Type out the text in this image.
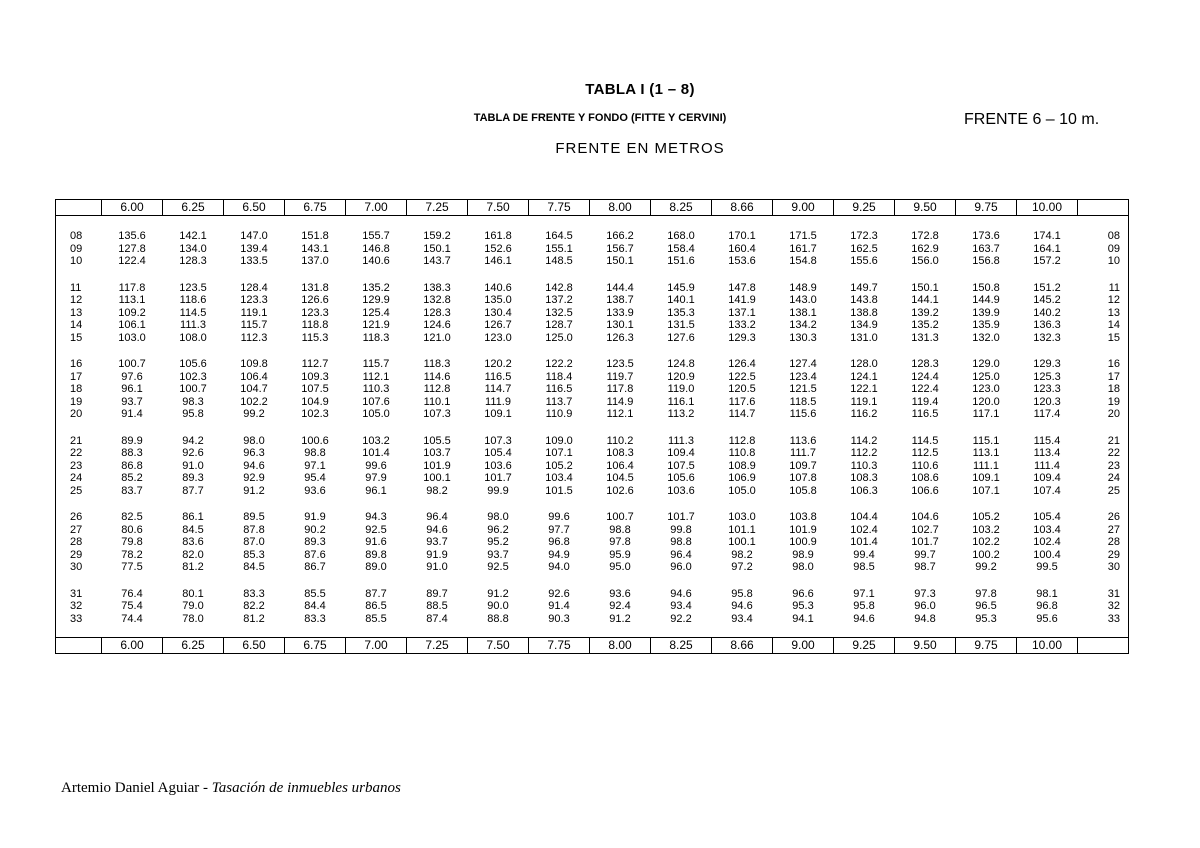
TABLA I (1 – 8)
TABLA DE FRENTE Y FONDO (FITTE Y CERVINI)
FRENTE EN METROS
FRENTE 6 – 10 m.
	6.00	6.25	6.50	6.75	7.00	7.25	7.50	7.75	8.00	8.25	8.66	9.00	9.25	9.50	9.75	10.00	

08	135.6	142.1	147.0	151.8	155.7	159.2	161.8	164.5	166.2	168.0	170.1	171.5	172.3	172.8	173.6	174.1	08
09	127.8	134.0	139.4	143.1	146.8	150.1	152.6	155.1	156.7	158.4	160.4	161.7	162.5	162.9	163.7	164.1	09
10	122.4	128.3	133.5	137.0	140.6	143.7	146.1	148.5	150.1	151.6	153.6	154.8	155.6	156.0	156.8	157.2	10

11	117.8	123.5	128.4	131.8	135.2	138.3	140.6	142.8	144.4	145.9	147.8	148.9	149.7	150.1	150.8	151.2	11
12	113.1	118.6	123.3	126.6	129.9	132.8	135.0	137.2	138.7	140.1	141.9	143.0	143.8	144.1	144.9	145.2	12
13	109.2	114.5	119.1	123.3	125.4	128.3	130.4	132.5	133.9	135.3	137.1	138.1	138.8	139.2	139.9	140.2	13
14	106.1	111.3	115.7	118.8	121.9	124.6	126.7	128.7	130.1	131.5	133.2	134.2	134.9	135.2	135.9	136.3	14
15	103.0	108.0	112.3	115.3	118.3	121.0	123.0	125.0	126.3	127.6	129.3	130.3	131.0	131.3	132.0	132.3	15

16	100.7	105.6	109.8	112.7	115.7	118.3	120.2	122.2	123.5	124.8	126.4	127.4	128.0	128.3	129.0	129.3	16
17	97.6	102.3	106.4	109.3	112.1	114.6	116.5	118.4	119.7	120.9	122.5	123.4	124.1	124.4	125.0	125.3	17
18	96.1	100.7	104.7	107.5	110.3	112.8	114.7	116.5	117.8	119.0	120.5	121.5	122.1	122.4	123.0	123.3	18
19	93.7	98.3	102.2	104.9	107.6	110.1	111.9	113.7	114.9	116.1	117.6	118.5	119.1	119.4	120.0	120.3	19
20	91.4	95.8	99.2	102.3	105.0	107.3	109.1	110.9	112.1	113.2	114.7	115.6	116.2	116.5	117.1	117.4	20

21	89.9	94.2	98.0	100.6	103.2	105.5	107.3	109.0	110.2	111.3	112.8	113.6	114.2	114.5	115.1	115.4	21
22	88.3	92.6	96.3	98.8	101.4	103.7	105.4	107.1	108.3	109.4	110.8	111.7	112.2	112.5	113.1	113.4	22
23	86.8	91.0	94.6	97.1	99.6	101.9	103.6	105.2	106.4	107.5	108.9	109.7	110.3	110.6	111.1	111.4	23
24	85.2	89.3	92.9	95.4	97.9	100.1	101.7	103.4	104.5	105.6	106.9	107.8	108.3	108.6	109.1	109.4	24
25	83.7	87.7	91.2	93.6	96.1	98.2	99.9	101.5	102.6	103.6	105.0	105.8	106.3	106.6	107.1	107.4	25

26	82.5	86.1	89.5	91.9	94.3	96.4	98.0	99.6	100.7	101.7	103.0	103.8	104.4	104.6	105.2	105.4	26
27	80.6	84.5	87.8	90.2	92.5	94.6	96.2	97.7	98.8	99.8	101.1	101.9	102.4	102.7	103.2	103.4	27
28	79.8	83.6	87.0	89.3	91.6	93.7	95.2	96.8	97.8	98.8	100.1	100.9	101.4	101.7	102.2	102.4	28
29	78.2	82.0	85.3	87.6	89.8	91.9	93.7	94.9	95.9	96.4	98.2	98.9	99.4	99.7	100.2	100.4	29
30	77.5	81.2	84.5	86.7	89.0	91.0	92.5	94.0	95.0	96.0	97.2	98.0	98.5	98.7	99.2	99.5	30

31	76.4	80.1	83.3	85.5	87.7	89.7	91.2	92.6	93.6	94.6	95.8	96.6	97.1	97.3	97.8	98.1	31
32	75.4	79.0	82.2	84.4	86.5	88.5	90.0	91.4	92.4	93.4	94.6	95.3	95.8	96.0	96.5	96.8	32
33	74.4	78.0	81.2	83.3	85.5	87.4	88.8	90.3	91.2	92.2	93.4	94.1	94.6	94.8	95.3	95.6	33

	6.00	6.25	6.50	6.75	7.00	7.25	7.50	7.75	8.00	8.25	8.66	9.00	9.25	9.50	9.75	10.00	
Artemio Daniel Aguiar - Tasación de inmuebles urbanos
